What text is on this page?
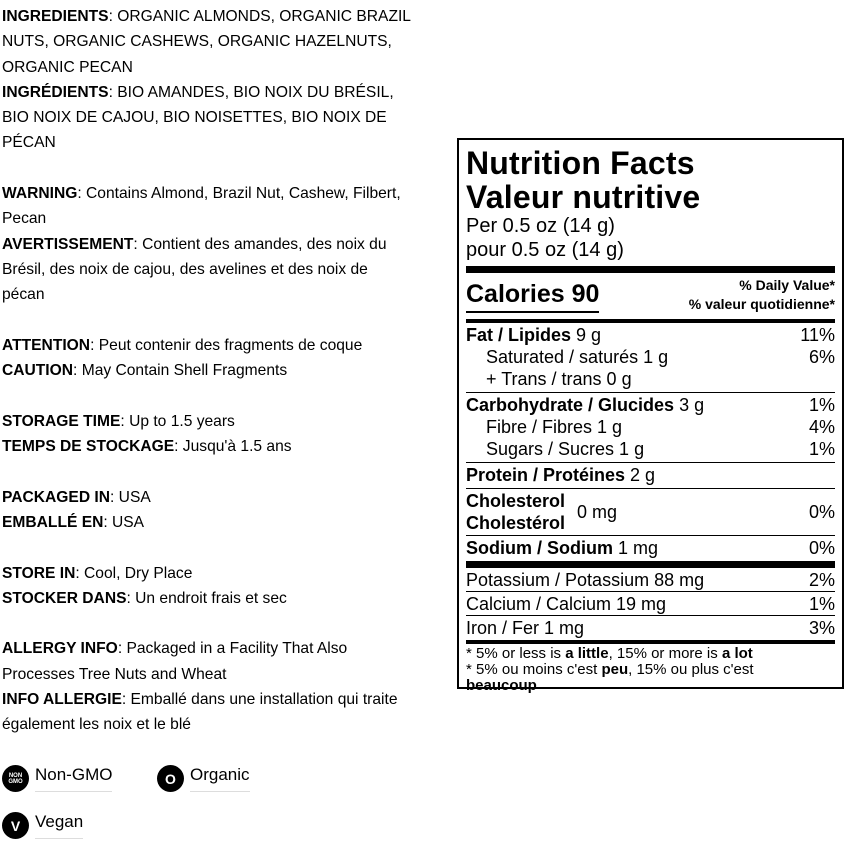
INGREDIENTS: ORGANIC ALMONDS, ORGANIC BRAZIL
NUTS, ORGANIC CASHEWS, ORGANIC HAZELNUTS,
ORGANIC PECAN
INGRÉDIENTS: BIO AMANDES, BIO NOIX DU BRÉSIL,
BIO NOIX DE CAJOU, BIO NOISETTES, BIO NOIX DE
PÉCAN
WARNING: Contains Almond, Brazil Nut, Cashew, Filbert,
Pecan
AVERTISSEMENT: Contient des amandes, des noix du
Brésil, des noix de cajou, des avelines et des noix de
pécan
ATTENTION: Peut contenir des fragments de coque
CAUTION: May Contain Shell Fragments
STORAGE TIME: Up to 1.5 years
TEMPS DE STOCKAGE: Jusqu'à 1.5 ans
PACKAGED IN: USA
EMBALLÉ EN: USA
STORE IN: Cool, Dry Place
STOCKER DANS: Un endroit frais et sec
ALLERGY INFO: Packaged in a Facility That Also
Processes Tree Nuts and Wheat
INFO ALLERGIE: Emballé dans une installation qui traite
également les noix et le blé
NON
GMO Non-GMO	O Organic
V Vegan
Nutrition Facts
Valeur nutritive
Per 0.5 oz (14 g)
pour 0.5 oz (14 g)
Calories 90	% Daily Value*
% valeur quotidienne*
Fat / Lipides 9 g	11%
Saturated / saturés 1 g	6%
+ Trans / trans 0 g
Carbohydrate / Glucides 3 g	1%
Fibre / Fibres 1 g	4%
Sugars / Sucres 1 g	1%
Protein / Protéines 2 g
Cholesterol
Cholestérol
0 mg	0%
Sodium / Sodium 1 mg	0%
Potassium / Potassium 88 mg	2%
Calcium / Calcium 19 mg	1%
Iron / Fer 1 mg	3%
* 5% or less is a little, 15% or more is a lot
* 5% ou moins c'est peu, 15% ou plus c'est
beaucoup
